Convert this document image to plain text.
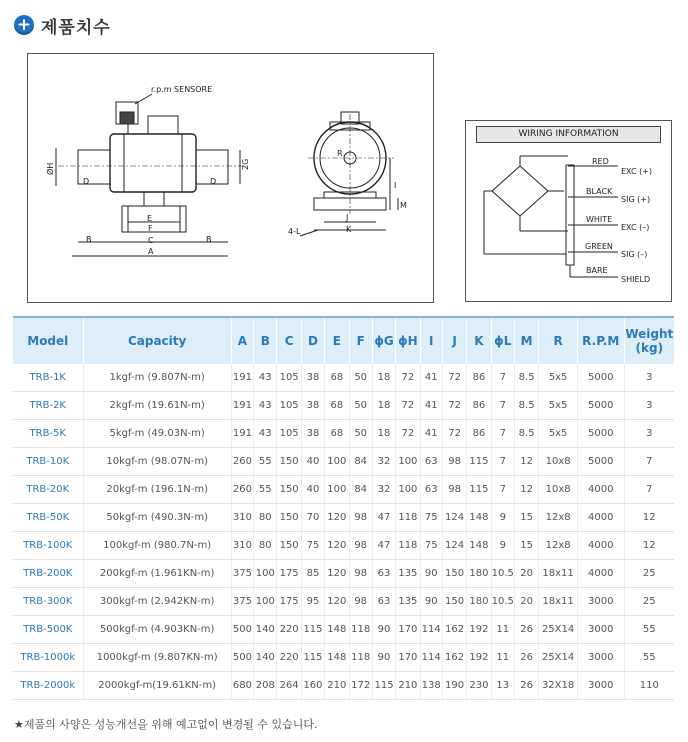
+ 제품치수
r.p.m SENSORE
ØH
D	D
2G
E
F
C
A
B	B
R
I
J
K
4-L
M
WIRING INFORMATION
RED
EXC (+)
BLACK
SIG (+)
WHITE
EXC (–)
GREEN
SIG (–)
BARE
SHIELD
Model	Capacity	A	B	C	D	E	F	ϕG	ϕH	I	J	K	ϕL	M	R	R.P.M	Weight (kg)
TRB-1K	1kgf-m (9.807N-m)	191	43	105	38	68	50	18	72	41	72	86	7	8.5	5x5	5000	3
TRB-2K	2kgf-m (19.61N-m)	191	43	105	38	68	50	18	72	41	72	86	7	8.5	5x5	5000	3
TRB-5K	5kgf-m (49.03N-m)	191	43	105	38	68	50	18	72	41	72	86	7	8.5	5x5	5000	3
TRB-10K	10kgf-m (98.07N-m)	260	55	150	40	100	84	32	100	63	98	115	7	12	10x8	5000	7
TRB-20K	20kgf-m (196.1N-m)	260	55	150	40	100	84	32	100	63	98	115	7	12	10x8	4000	7
TRB-50K	50kgf-m (490.3N-m)	310	80	150	70	120	98	47	118	75	124	148	9	15	12x8	4000	12
TRB-100K	100kgf-m (980.7N-m)	310	80	150	75	120	98	47	118	75	124	148	9	15	12x8	4000	12
TRB-200K	200kgf-m (1.961KN-m)	375	100	175	85	120	98	63	135	90	150	180	10.5	20	18x11	4000	25
TRB-300K	300kgf-m (2.942KN-m)	375	100	175	95	120	98	63	135	90	150	180	10.5	20	18x11	3000	25
TRB-500K	500kgf-m (4.903KN-m)	500	140	220	115	148	118	90	170	114	162	192	11	26	25X14	3000	55
TRB-1000k	1000kgf-m (9.807KN-m)	500	140	220	115	148	118	90	170	114	162	192	11	26	25X14	3000	55
TRB-2000k	2000kgf-m(19.61KN-m)	680	208	264	160	210	172	115	210	138	190	230	13	26	32X18	3000	110
★제품의 사양은 성능개선을 위해 예고없이 변경될 수 있습니다.
